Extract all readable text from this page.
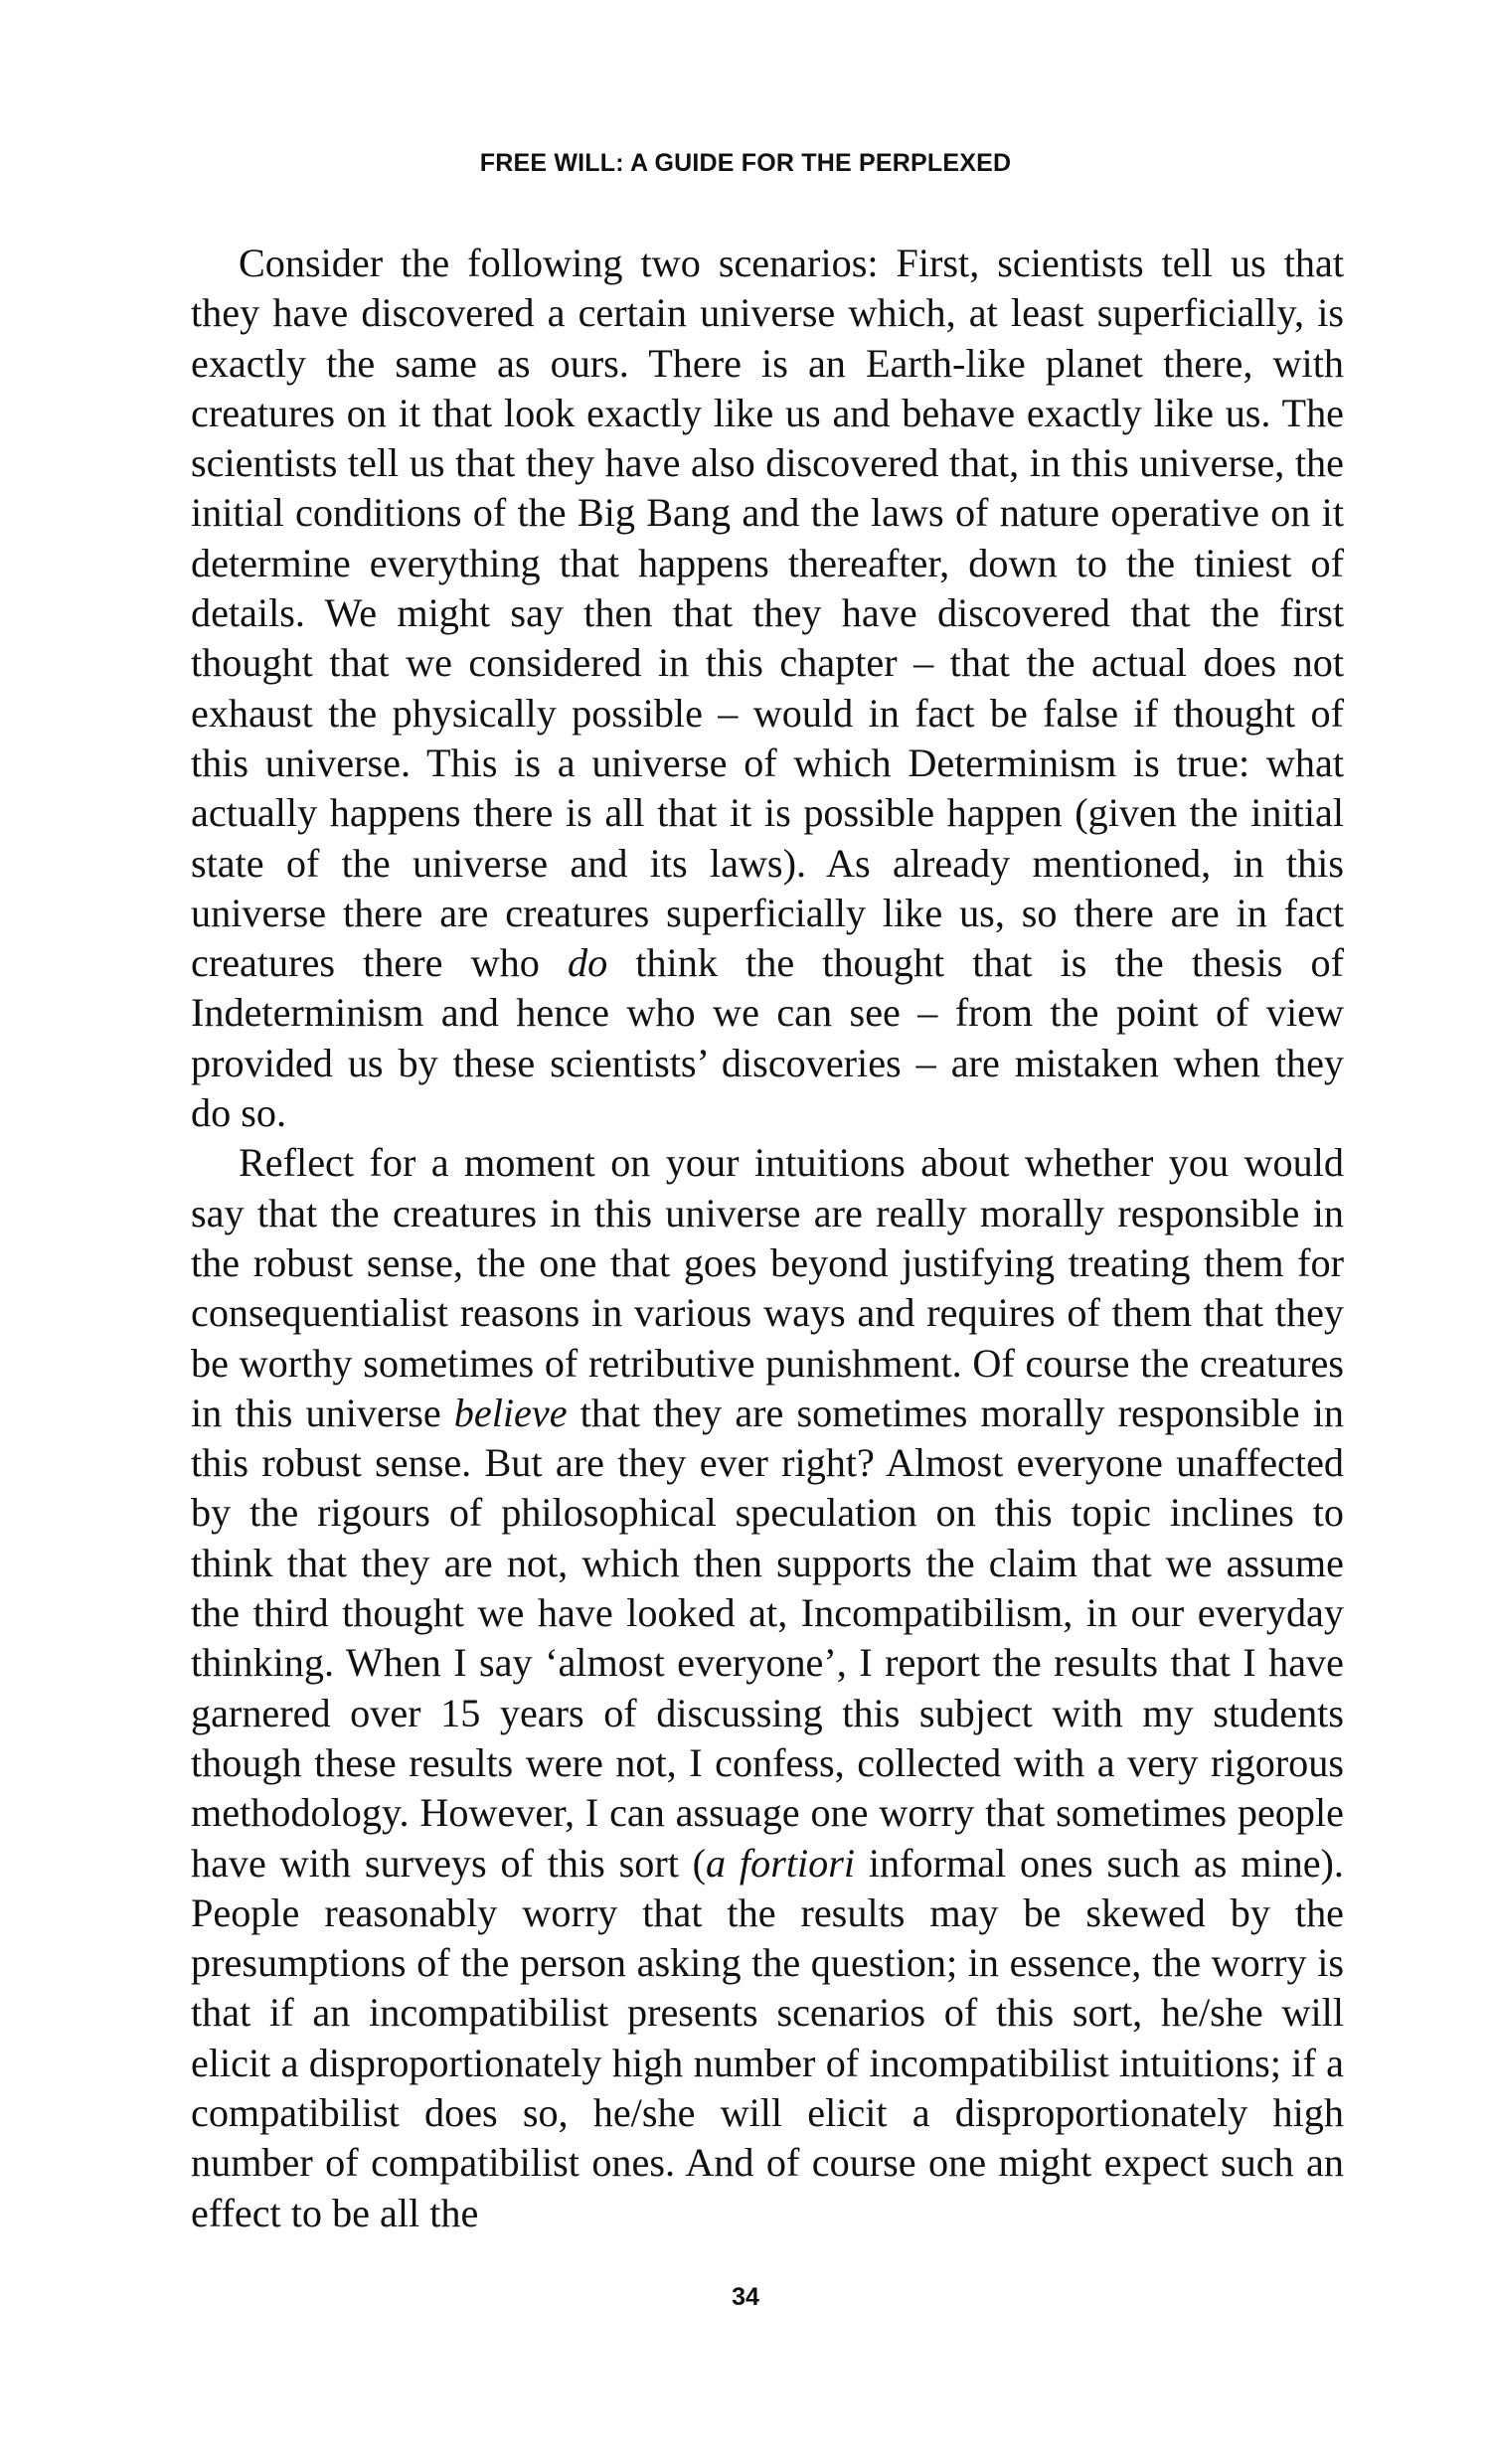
FREE WILL: A GUIDE FOR THE PERPLEXED

Consider the following two scenarios: First, scientists tell us that they have discovered a certain universe which, at least superficially, is exactly the same as ours. There is an Earth-like planet there, with creatures on it that look exactly like us and behave exactly like us. The scientists tell us that they have also discovered that, in this universe, the initial conditions of the Big Bang and the laws of nature operative on it determine everything that happens thereafter, down to the tiniest of details. We might say then that they have discovered that the first thought that we considered in this chapter – that the actual does not exhaust the physically possible – would in fact be false if thought of this universe. This is a universe of which Determinism is true: what actually happens there is all that it is possible happen (given the initial state of the universe and its laws). As already mentioned, in this universe there are creatures superficially like us, so there are in fact creatures there who do think the thought that is the thesis of Indeterminism and hence who we can see – from the point of view provided us by these scientists’ discoveries – are mistaken when they do so.

Reflect for a moment on your intuitions about whether you would say that the creatures in this universe are really morally responsible in the robust sense, the one that goes beyond justifying treating them for consequentialist reasons in various ways and requires of them that they be worthy sometimes of retributive punishment. Of course the creatures in this universe believe that they are sometimes morally responsible in this robust sense. But are they ever right? Almost everyone unaffected by the rigours of philosophical speculation on this topic inclines to think that they are not, which then supports the claim that we assume the third thought we have looked at, Incompatibilism, in our everyday thinking. When I say ‘almost everyone’, I report the results that I have garnered over 15 years of discussing this subject with my students though these results were not, I confess, collected with a very rigorous methodology. However, I can assuage one worry that sometimes people have with surveys of this sort (a fortiori informal ones such as mine). People reasonably worry that the results may be skewed by the presumptions of the person asking the question; in essence, the worry is that if an incompatibilist presents scenarios of this sort, he/she will elicit a disproportionately high number of incompatibilist intuitions; if a compatibilist does so, he/she will elicit a disproportionately high number of compatibilist ones. And of course one might expect such an effect to be all the

34
